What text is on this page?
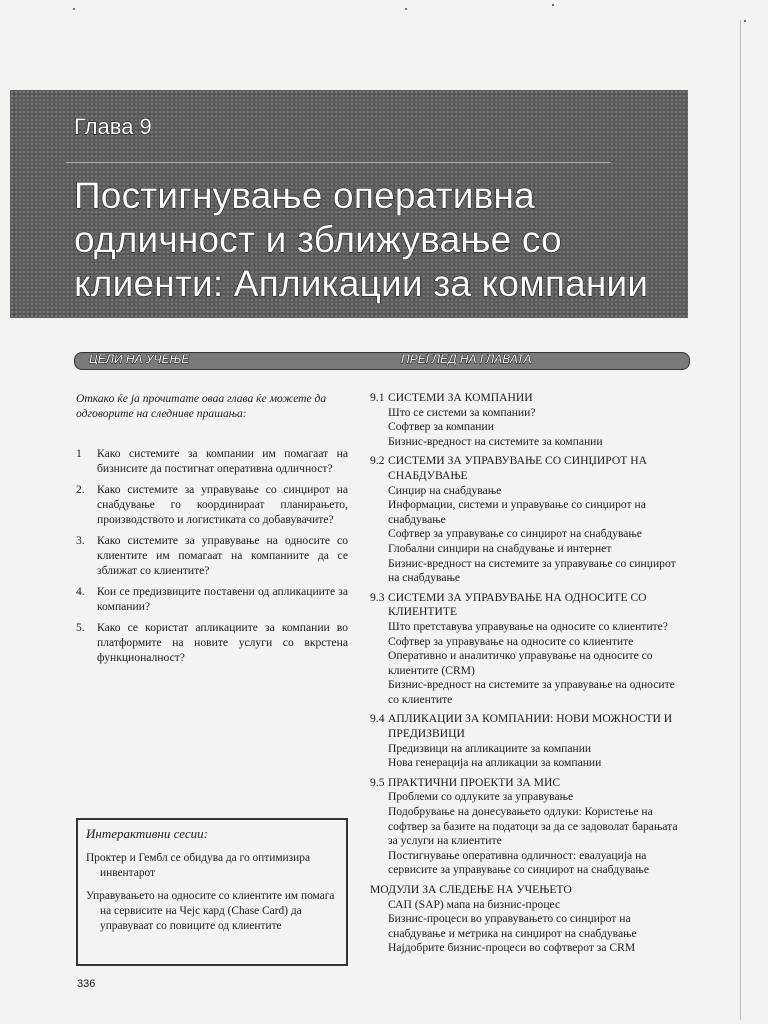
Глава 9
Постигнување оперативна
одличност и зближување со
клиенти: Апликации за компании
ЦЕЛИ НА УЧЕЊЕ	ПРЕГЛЕД НА ГЛАВАТА
Откако ќе ја прочитате оваа глава ќе можете да одговорите на следниве прашања:
1 Како системите за компании им помагаат на бизнисите да постигнат оперативна одличност?
2. Како системите за управување со синџирот на снабдување го координираат планирањето, производството и логистиката со добавувачите?
3. Како системите за управување на односите со клиентите им помагаат на компаниите да се зближат со клиентите?
4. Кои се предизвиците поставени од апликациите за компании?
5. Како се користат апликациите за компании во платформите на новите услуги со вкрстена функционалност?
Интерактивни сесии:

Проктер и Гембл се обидува да го оптимизира инвентарот

Управувањето на односите со клиентите им помага на сервисите на Чејс кард (Chase Card) да управуваат со повиците од клиентите

336
9.1 СИСТЕМИ ЗА КОМПАНИИ
Што се системи за компании?
Софтвер за компании
Бизнис-вредност на системите за компании
9.2 СИСТЕМИ ЗА УПРАВУВАЊЕ СО СИНЏИРОТ НА СНАБДУВАЊЕ
Синџир на снабдување
Информации, системи и управување со синџирот на снабдување
Софтвер за управување со синџирот на снабдување
Глобални синџири на снабдување и интернет
Бизнис-вредност на системите за управување со синџирот на снабдување
9.3 СИСТЕМИ ЗА УПРАВУВАЊЕ НА ОДНОСИТЕ СО КЛИЕНТИТЕ
Што претставува управување на односите со клиентите?
Софтвер за управување на односите со клиентите
Оперативно и аналитичко управување на односите со клиентите (CRM)
Бизнис-вредност на системите за управување на односите со клиентите
9.4 АПЛИКАЦИИ ЗА КОМПАНИИ: НОВИ МОЖНОСТИ И ПРЕДИЗВИЦИ
Предизвици на апликациите за компании
Нова генерација на апликации за компании
9.5 ПРАКТИЧНИ ПРОЕКТИ ЗА МИС
Проблеми со одлуките за управување
Подобрување на донесувањето одлуки: Користење на софтвер за базите на податоци за да се задоволат барањата за услуги на клиентите
Постигнување оперативна одличност: евалуација на сервисите за управување со синџирот на снабдување
МОДУЛИ ЗА СЛЕДЕЊЕ НА УЧЕЊЕТО
САП (SAP) мапа на бизнис-процес
Бизнис-процеси во управувањето со синџирот на снабдување и метрика на синџирот на снабдување
Најдобрите бизнис-процеси во софтверот за CRM
